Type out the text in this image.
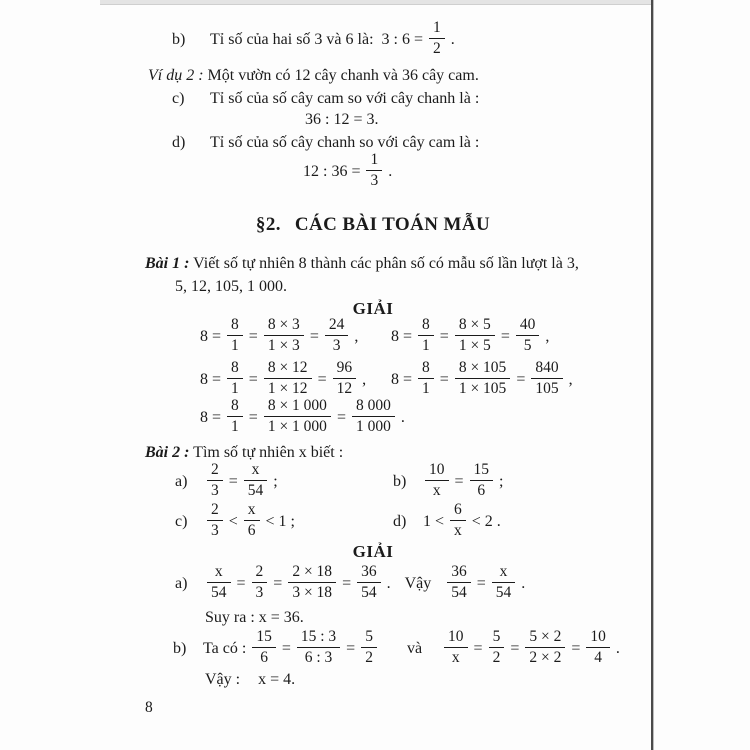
b)	Tỉ số của hai số 3 và 6 là: 3 : $6 = \frac{1}{2}$ .
Ví dụ 2 : Một vườn có 12 cây chanh và 36 cây cam.
c)	Tỉ số của số cây cam so với cây chanh là :
36 : 12 = 3.
d)	Tỉ số của số cây chanh so với cây cam là :
12 : $36 = \frac{1}{3}$ .
§2. CÁC BÀI TOÁN MẪU
Bài 1 : Viết số tự nhiên 8 thành các phân số có mẫu số lần lượt là 3,
5, 12, 105, 1 000.
GIẢI
$8 = \frac{8}{1} = \frac{8 \times 3}{1 \times 3} = \frac{24}{3}$ , $8 = \frac{8}{1} = \frac{8 \times 5}{1 \times 5} = \frac{40}{5}$ ,
$8 = \frac{8}{1} = \frac{8 \times 12}{1 \times 12} = \frac{96}{12}$ , $8 = \frac{8}{1} = \frac{8 \times 105}{1 \times 105} = \frac{840}{105}$ ,
$8 = \frac{8}{1} = \frac{8 \times 1 000}{1 \times 1 000} = \frac{8 000}{1 000}$ .
Bài 2 : Tìm số tự nhiên x biết :
a)	$\frac{2}{3} = \frac{x}{54}$ ;	b)	$\frac{10}{x} = \frac{15}{6}$ ;
c)	$\frac{2}{3} < \frac{x}{6} < 1$ ;	d)	$1 < \frac{6}{x} < 2$ .
GIẢI
a)	$\frac{x}{54} = \frac{2}{3} = \frac{2 \times 18}{3 \times 18} = \frac{36}{54}$ . Vậy $\frac{36}{54} = \frac{x}{54}$ .
Suy ra : x = 36.
b)	Ta có : $\frac{15}{6} = \frac{15 : 3}{6 : 3} = \frac{5}{2}$ và $\frac{10}{x} = \frac{5}{2} = \frac{5 \times 2}{2 \times 2} = \frac{10}{4}$ .
Vậy : x = 4.
8
